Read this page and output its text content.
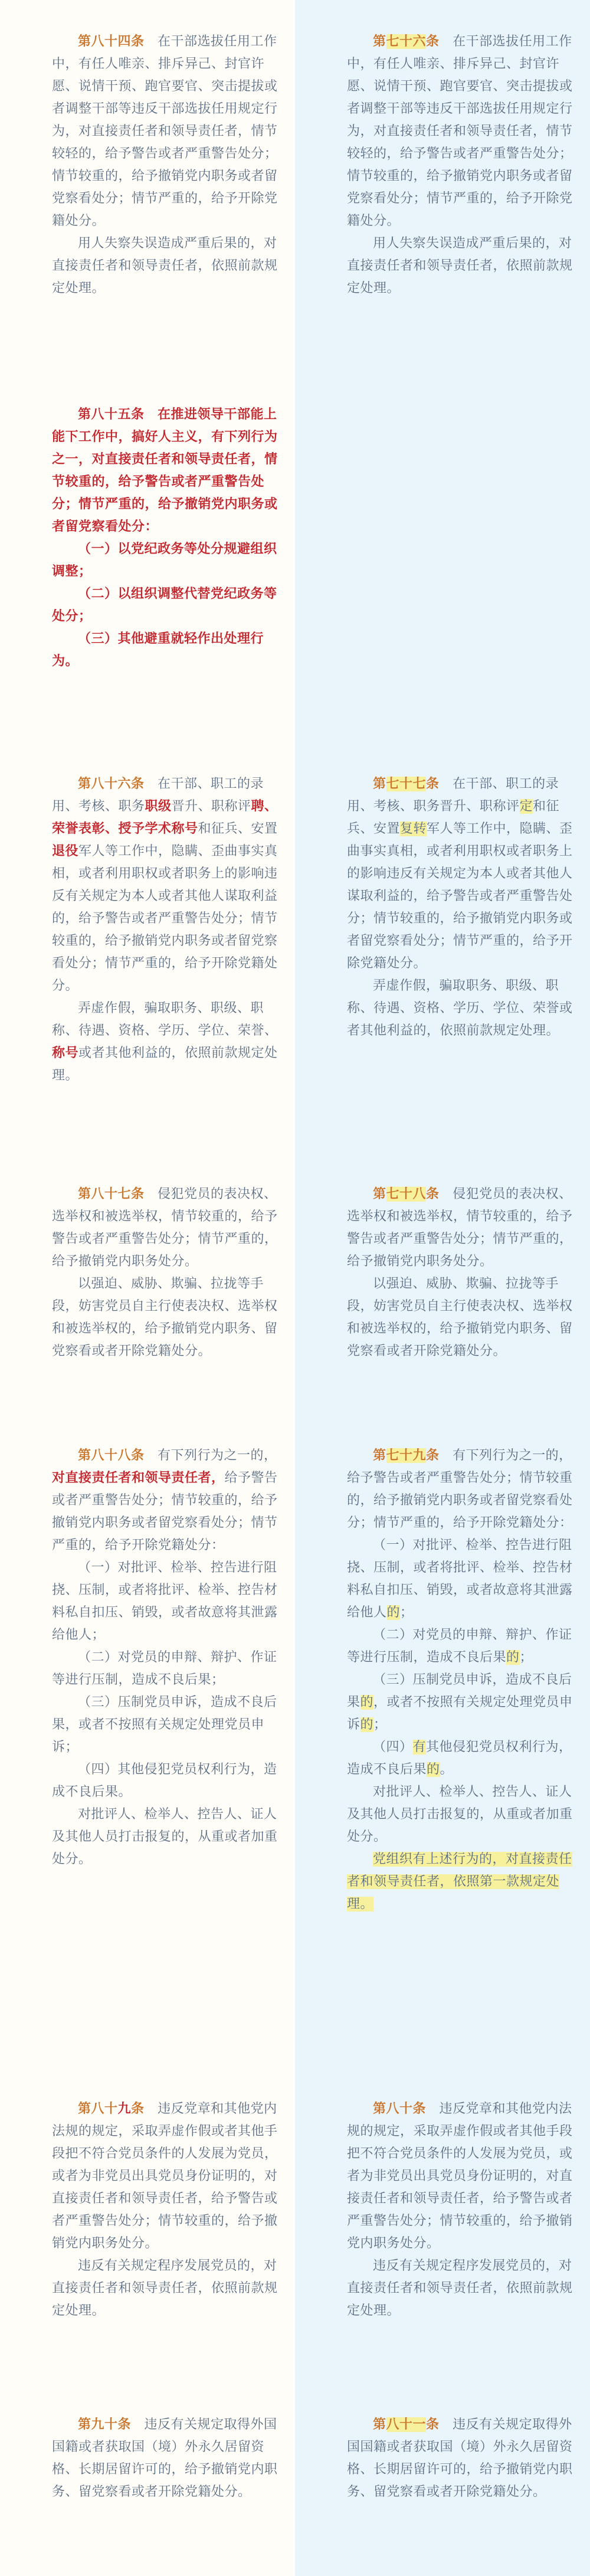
第八十四条　 在干部选拔任用工作中，有任人唯亲、排斥异己、封官许愿、说情干预、跑官要官、突击提拔或者调整干部等违反干部选拔任用规定行为，对直接责任者和领导责任者，情节较轻的，给予警告或者严重警告处分；情节较重的，给予撤销党内职务或者留党察看处分；情节严重的，给予开除党籍处分。

用人失察失误造成严重后果的，对直接责任者和领导责任者，依照前款规定处理。

第八十五条　在推进领导干部能上能下工作中，搞好人主义，有下列行为之一，对直接责任者和领导责任者，情节较重的，给予警告或者严重警告处分；情节严重的，给予撤销党内职务或者留党察看处分：

（一）以党纪政务等处分规避组织调整；

（二）以组织调整代替党纪政务等处分；

（三）其他避重就轻作出处理行为。

第八十六条　 在干部、职工的录用、考核、职务职级晋升、职称评聘、荣誉表彰、授予学术称号和征兵、安置退役军人等工作中，隐瞒、歪曲事实真相，或者利用职权或者职务上的影响违反有关规定为本人或者其他人谋取利益的，给予警告或者严重警告处分；情节较重的，给予撤销党内职务或者留党察看处分；情节严重的，给予开除党籍处分。

弄虚作假，骗取职务、职级、职称、待遇、资格、学历、学位、荣誉、称号或者其他利益的，依照前款规定处理。

第八十七条　 侵犯党员的表决权、选举权和被选举权，情节较重的，给予警告或者严重警告处分；情节严重的，给予撤销党内职务处分。

以强迫、威胁、欺骗、拉拢等手段，妨害党员自主行使表决权、选举权和被选举权的，给予撤销党内职务、留党察看或者开除党籍处分。

第八十八条　 有下列行为之一的，对直接责任者和领导责任者，给予警告或者严重警告处分；情节较重的，给予撤销党内职务或者留党察看处分；情节严重的，给予开除党籍处分：

（一）对批评、检举、控告进行阻挠、压制，或者将批评、检举、控告材料私自扣压、销毁，或者故意将其泄露给他人；

（二）对党员的申辩、辩护、作证等进行压制，造成不良后果；

（三）压制党员申诉，造成不良后果，或者不按照有关规定处理党员申诉；

（四）其他侵犯党员权利行为，造成不良后果。

对批评人、检举人、控告人、证人及其他人员打击报复的，从重或者加重处分。

第八十九条　 违反党章和其他党内法规的规定，采取弄虚作假或者其他手段把不符合党员条件的人发展为党员，或者为非党员出具党员身份证明的，对直接责任者和领导责任者，给予警告或者严重警告处分；情节较重的，给予撤销党内职务处分。

违反有关规定程序发展党员的，对直接责任者和领导责任者，依照前款规定处理。

第九十条　 违反有关规定取得外国国籍或者获取国（境）外永久居留资格、长期居留许可的，给予撤销党内职务、留党察看或者开除党籍处分。

第七十六条　 在干部选拔任用工作中，有任人唯亲、排斥异己、封官许愿、说情干预、跑官要官、突击提拔或者调整干部等违反干部选拔任用规定行为，对直接责任者和领导责任者，情节较轻的，给予警告或者严重警告处分；情节较重的，给予撤销党内职务或者留党察看处分；情节严重的，给予开除党籍处分。

用人失察失误造成严重后果的，对直接责任者和领导责任者，依照前款规定处理。

第七十七条　 在干部、职工的录用、考核、职务晋升、职称评定和征兵、安置复转军人等工作中，隐瞒、歪曲事实真相，或者利用职权或者职务上的影响违反有关规定为本人或者其他人谋取利益的，给予警告或者严重警告处分；情节较重的，给予撤销党内职务或者留党察看处分；情节严重的，给予开除党籍处分。

弄虚作假，骗取职务、职级、职称、待遇、资格、学历、学位、荣誉或者其他利益的，依照前款规定处理。

第七十八条　 侵犯党员的表决权、选举权和被选举权，情节较重的，给予警告或者严重警告处分；情节严重的，给予撤销党内职务处分。

以强迫、威胁、欺骗、拉拢等手段，妨害党员自主行使表决权、选举权和被选举权的，给予撤销党内职务、留党察看或者开除党籍处分。

第七十九条　 有下列行为之一的，给予警告或者严重警告处分；情节较重的，给予撤销党内职务或者留党察看处分；情节严重的，给予开除党籍处分：

（一）对批评、检举、控告进行阻挠、压制，或者将批评、检举、控告材料私自扣压、销毁，或者故意将其泄露给他人的；

（二）对党员的申辩、辩护、作证等进行压制，造成不良后果的；

（三）压制党员申诉，造成不良后果的，或者不按照有关规定处理党员申诉的；

（四）有其他侵犯党员权利行为，造成不良后果的。

对批评人、检举人、控告人、证人及其他人员打击报复的，从重或者加重处分。

党组织有上述行为的，对直接责任者和领导责任者，依照第一款规定处理。

第八十条　 违反党章和其他党内法规的规定，采取弄虚作假或者其他手段把不符合党员条件的人发展为党员，或者为非党员出具党员身份证明的，对直接责任者和领导责任者，给予警告或者严重警告处分；情节较重的，给予撤销党内职务处分。

违反有关规定程序发展党员的，对直接责任者和领导责任者，依照前款规定处理。

第八十一条　 违反有关规定取得外国国籍或者获取国（境）外永久居留资格、长期居留许可的，给予撤销党内职务、留党察看或者开除党籍处分。
